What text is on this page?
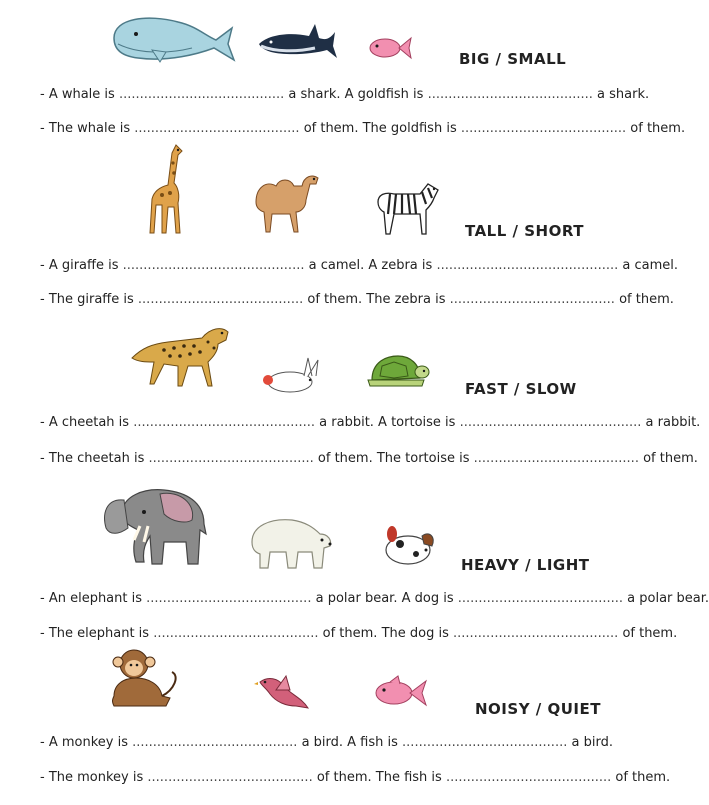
BIG / SMALL
- A whale is ........................................ a shark. A goldfish is ........................................ a shark.
- The whale is ........................................ of them. The goldfish is ........................................ of them.
TALL / SHORT
- A giraffe is ............................................ a camel. A zebra is ............................................ a camel.
- The giraffe is ........................................ of them. The zebra is ........................................ of them.
FAST / SLOW
- A cheetah is ............................................ a rabbit. A tortoise is ............................................ a rabbit.
- The cheetah is ........................................ of them. The tortoise is ........................................ of them.
HEAVY / LIGHT
- An elephant is ........................................ a polar bear. A dog is ........................................ a polar bear.
- The elephant is ........................................ of them. The dog is ........................................ of them.
NOISY / QUIET
- A monkey is ........................................ a bird. A fish is ........................................ a bird.
- The monkey is ........................................ of them. The fish is ........................................ of them.
